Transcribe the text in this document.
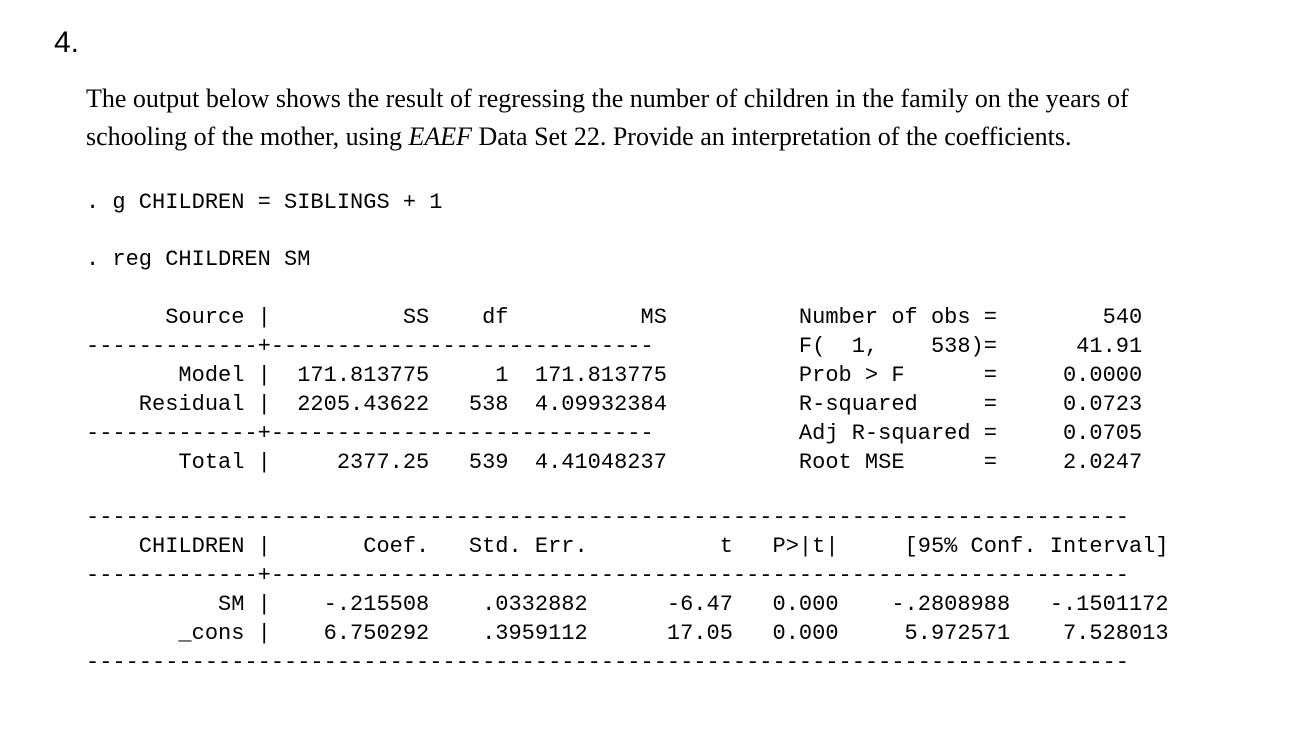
4.
The output below shows the result of regressing the number of children in the family on the years of
schooling of the mother, using EAEF Data Set 22. Provide an interpretation of the coefficients.
. g CHILDREN = SIBLINGS + 1
. reg CHILDREN SM
Source |          SS    df          MS          Number of obs =        540
-------------+-----------------------------           F(  1,    538)=      41.91
Model |  171.813775     1  171.813775          Prob > F      =     0.0000
Residual |  2205.43622   538  4.09932384          R-squared     =     0.0723
-------------+-----------------------------           Adj R-squared =     0.0705
Total |     2377.25   539  4.41048237          Root MSE      =     2.0247
-------------------------------------------------------------------------------
CHILDREN |       Coef.   Std. Err.          t   P>|t|     [95% Conf. Interval]
-------------+-----------------------------------------------------------------
SM |    -.215508    .0332882      -6.47   0.000    -.2808988   -.1501172
_cons |    6.750292    .3959112      17.05   0.000     5.972571    7.528013
-------------------------------------------------------------------------------
